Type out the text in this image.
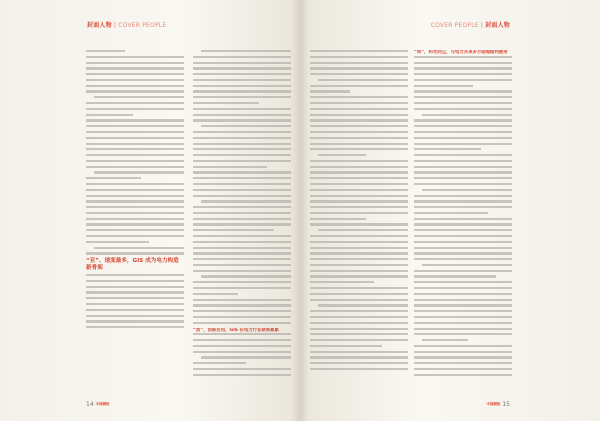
封面人物 | COVER PEOPLE
“亚”、速度最多，GIS 成为电力构造新骨架
“加”、创新应用，GIS 在电力行业硕果累累
14 中国测绘
COVER PEOPLE | 封面人物
“和”，和光同尘，与电力共享多方面超级利服务
中国测绘 15
